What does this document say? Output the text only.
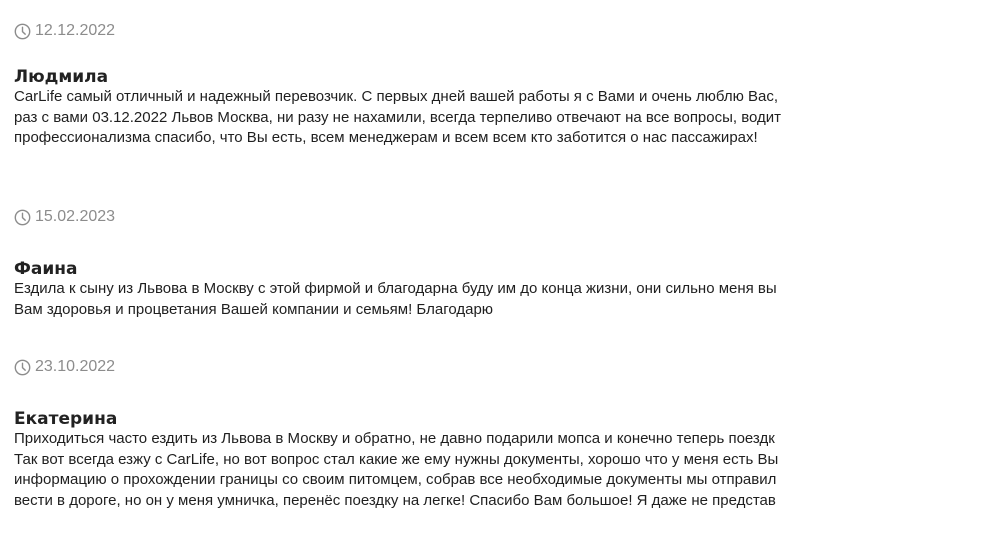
12.12.2022
Людмила
CarLife самый отличный и надежный перевозчик. С первых дней вашей работы я с Вами и очень люблю Вас,
раз с вами 03.12.2022 Львов Москва, ни разу не нахамили, всегда терпеливо отвечают на все вопросы, водит
профессионализма спасибо, что Вы есть, всем менеджерам и всем всем кто заботится о нас пассажирах!
15.02.2023
Фаина
Ездила к сыну из Львова в Москву с этой фирмой и благодарна буду им до конца жизни, они сильно меня вы
Вам здоровья и процветания Вашей компании и семьям! Благодарю
23.10.2022
Екатерина
Приходиться часто ездить из Львова в Москву и обратно, не давно подарили мопса и конечно теперь поездк
Так вот всегда езжу с CarLife, но вот вопрос стал какие же ему нужны документы, хорошо что у меня есть Вы
информацию о прохождении границы со своим питомцем, собрав все необходимые документы мы отправил
вести в дороге, но он у меня умничка, перенёс поездку на легке! Спасибо Вам большое! Я даже не представ
